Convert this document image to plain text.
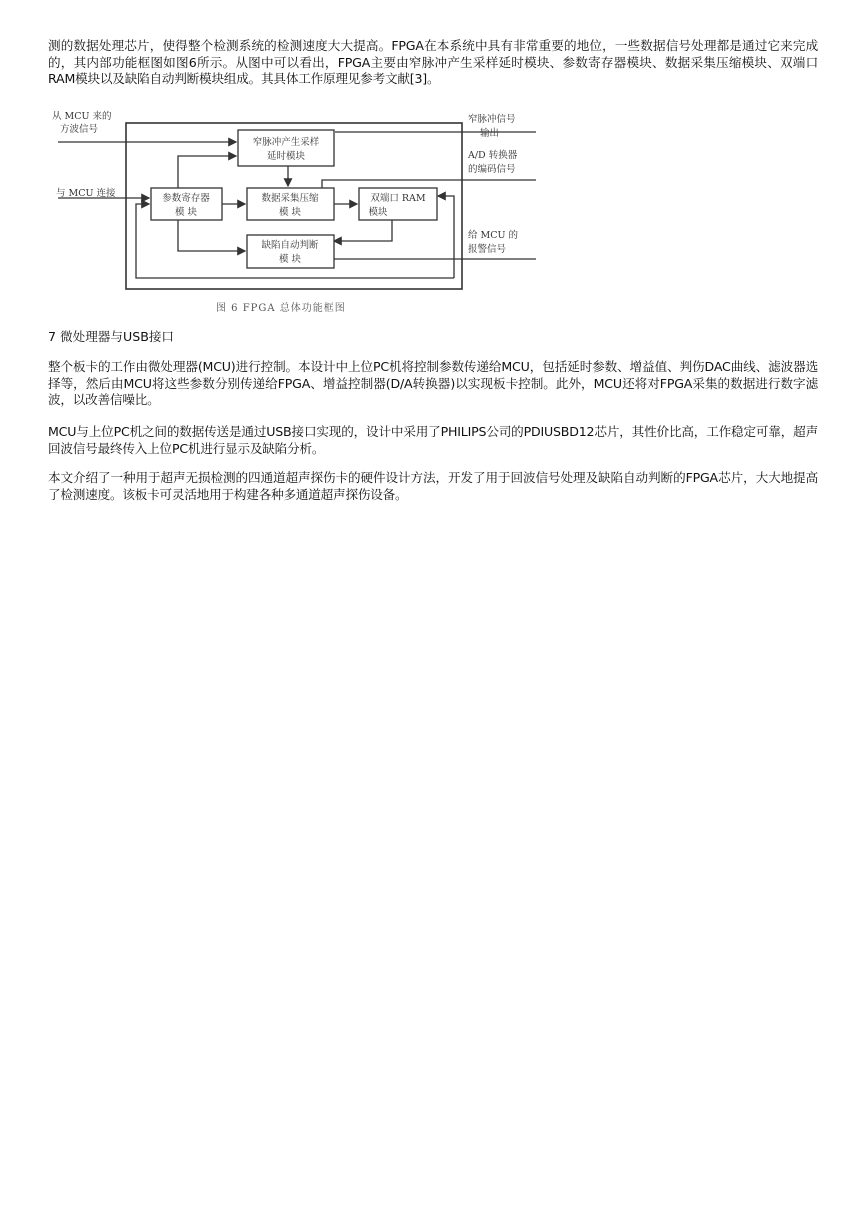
测的数据处理芯片，使得整个检测系统的检测速度大大提高。FPGA在本系统中具有非常重要的地位，一些数据信号处理都是通过它来完成的，其内部功能框图如图6所示。从图中可以看出，FPGA主要由窄脉冲产生采样延时模块、参数寄存器模块、数据采集压缩模块、双端口RAM模块以及缺陷自动判断模块组成。其具体工作原理见参考文献[3]。

从 MCU 来的
方波信号
与 MCU 连接
窄脉冲信号
输出
A/D 转换器
的编码信号
给 MCU 的
报警信号
窄脉冲产生采样
延时模块
参数寄存器
模 块
数据采集压缩
模 块
双端口 RAM
模块
缺陷自动判断
模 块
图 6 FPGA 总体功能框图

7 微处理器与USB接口

整个板卡的工作由微处理器(MCU)进行控制。本设计中上位PC机将控制参数传递给MCU，包括延时参数、增益值、判伤DAC曲线、滤波器选择等，然后由MCU将这些参数分别传递给FPGA、增益控制器(D/A转换器)以实现板卡控制。此外，MCU还将对FPGA采集的数据进行数字滤波，以改善信噪比。

MCU与上位PC机之间的数据传送是通过USB接口实现的，设计中采用了PHILIPS公司的PDIUSBD12芯片，其性价比高，工作稳定可靠，超声回波信号最终传入上位PC机进行显示及缺陷分析。

本文介绍了一种用于超声无损检测的四通道超声探伤卡的硬件设计方法，开发了用于回波信号处理及缺陷自动判断的FPGA芯片，大大地提高了检测速度。该板卡可灵活地用于构建各种多通道超声探伤设备。
